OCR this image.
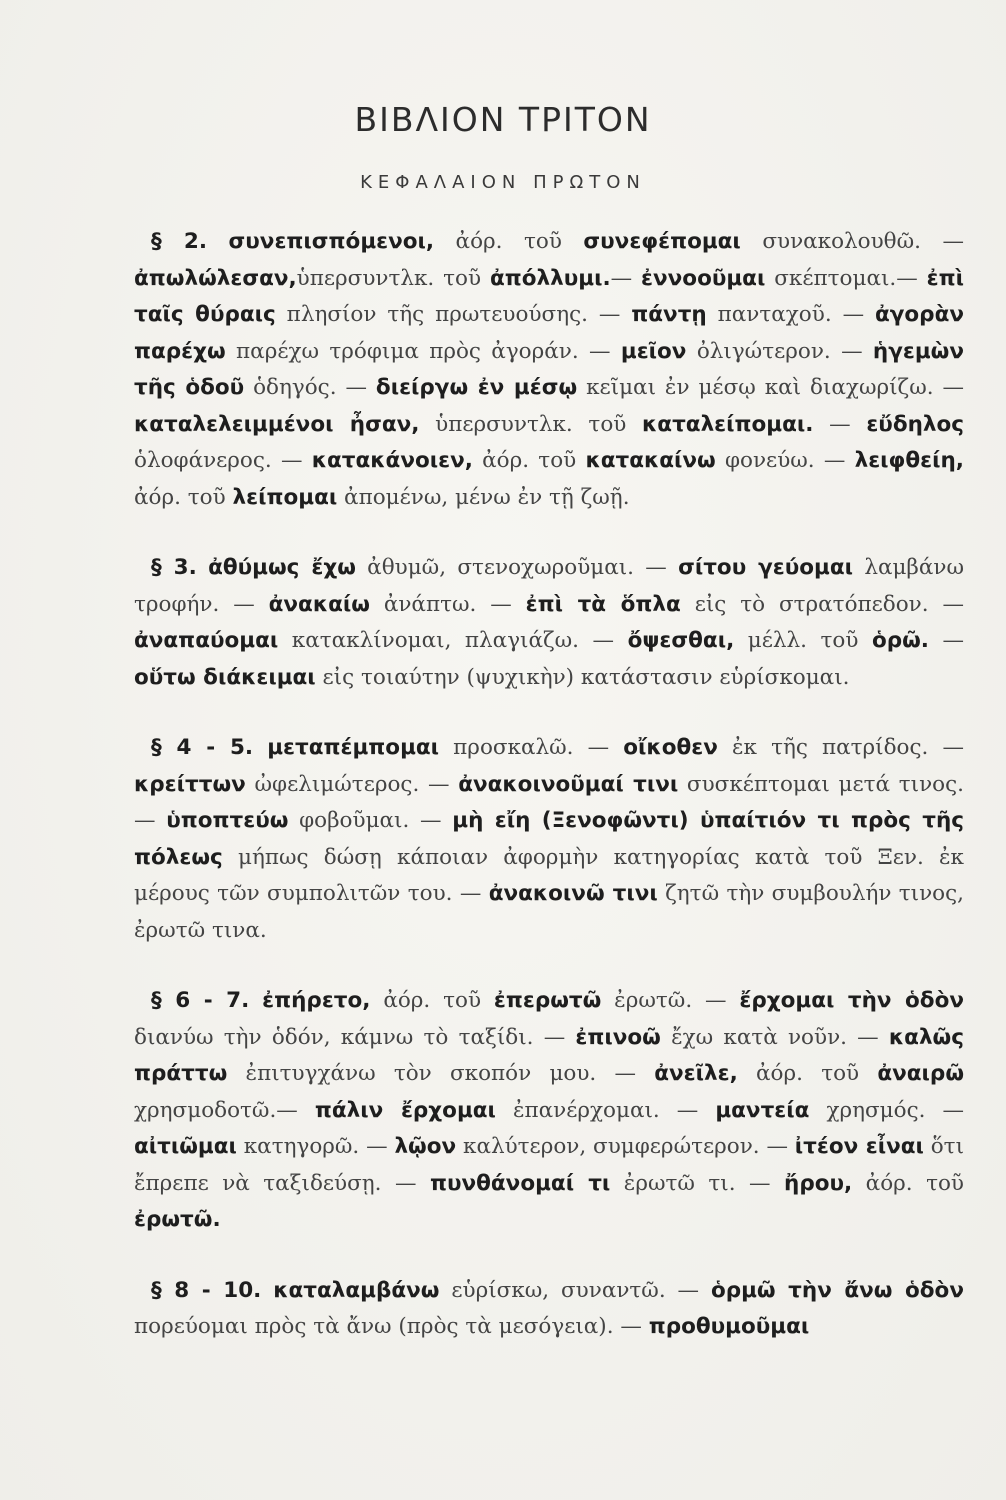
ΒΙΒΛΙΟΝ ΤΡΙΤΟΝ
ΚΕΦΑΛΑΙΟΝ ΠΡΩΤΟΝ

§ 2. συνεπισπόμενοι, ἀόρ. τοῦ συνεφέπομαι συνακολουθῶ. — ἀπωλώλεσαν,ὑπερσυντλκ. τοῦ ἀπόλλυμι.— ἐννοοῦμαι σκέπτομαι.— ἐπὶ ταῖς θύραις πλησίον τῆς πρωτευούσης. — πάντῃ πανταχοῦ. — ἀγορὰν παρέχω παρέχω τρόφιμα πρὸς ἀγοράν. — μεῖον ὀλιγώτερον. — ἡγεμὼν τῆς ὁδοῦ ὁδηγός. — διείργω ἐν μέσῳ κεῖμαι ἐν μέσῳ καὶ διαχωρίζω. — καταλελειμμένοι ἦσαν, ὑπερσυντλκ. τοῦ καταλείπομαι. — εὔδηλος ὁλοφάνερος. — κατακάνοιεν, ἀόρ. τοῦ κατακαίνω φονεύω. — λειφθείη, ἀόρ. τοῦ λείπομαι ἀπομένω, μένω ἐν τῇ ζωῇ.

§ 3. ἀθύμως ἔχω ἀθυμῶ, στενοχωροῦμαι. — σίτου γεύομαι λαμβάνω τροφήν. — ἀνακαίω ἀνάπτω. — ἐπὶ τὰ ὅπλα εἰς τὸ στρατόπεδον. — ἀναπαύομαι κατακλίνομαι, πλαγιάζω. — ὄψεσθαι, μέλλ. τοῦ ὁρῶ. — οὕτω διάκειμαι εἰς τοιαύτην (ψυχικὴν) κατάστασιν εὑρίσκομαι.

§ 4 - 5. μεταπέμπομαι προσκαλῶ. — οἴκοθεν ἐκ τῆς πατρίδος. — κρείττων ὠφελιμώτερος. — ἀνακοινοῦμαί τινι συσκέπτομαι μετά τινος. — ὑποπτεύω φοβοῦμαι. — μὴ εἴη (Ξενοφῶντι) ὑπαίτιόν τι πρὸς τῆς πόλεως μήπως δώσῃ κάποιαν ἀφορμὴν κατηγορίας κατὰ τοῦ Ξεν. ἐκ μέρους τῶν συμπολιτῶν του. — ἀνακοινῶ τινι ζητῶ τὴν συμβουλήν τινος, ἐρωτῶ τινα.

§ 6 - 7. ἐπήρετο, ἀόρ. τοῦ ἐπερωτῶ ἐρωτῶ. — ἔρχομαι τὴν ὁδὸν διανύω τὴν ὁδόν, κάμνω τὸ ταξίδι. — ἐπινοῶ ἔχω κατὰ νοῦν. — καλῶς πράττω ἐπιτυγχάνω τὸν σκοπόν μου. — ἀνεῖλε, ἀόρ. τοῦ ἀναιρῶ χρησμοδοτῶ.— πάλιν ἔρχομαι ἐπανέρχομαι. — μαντεία χρησμός. — αἰτιῶμαι κατηγορῶ. — λῷον καλύτερον, συμφερώτερον. — ἰτέον εἶναι ὅτι ἔπρεπε νὰ ταξιδεύσῃ. — πυνθάνομαί τι ἐρωτῶ τι. — ἤρου, ἀόρ. τοῦ ἐρωτῶ.

§ 8 - 10. καταλαμβάνω εὑρίσκω, συναντῶ. — ὁρμῶ τὴν ἄνω ὁδὸν πορεύομαι πρὸς τὰ ἄνω (πρὸς τὰ μεσόγεια). — προθυμοῦμαι
